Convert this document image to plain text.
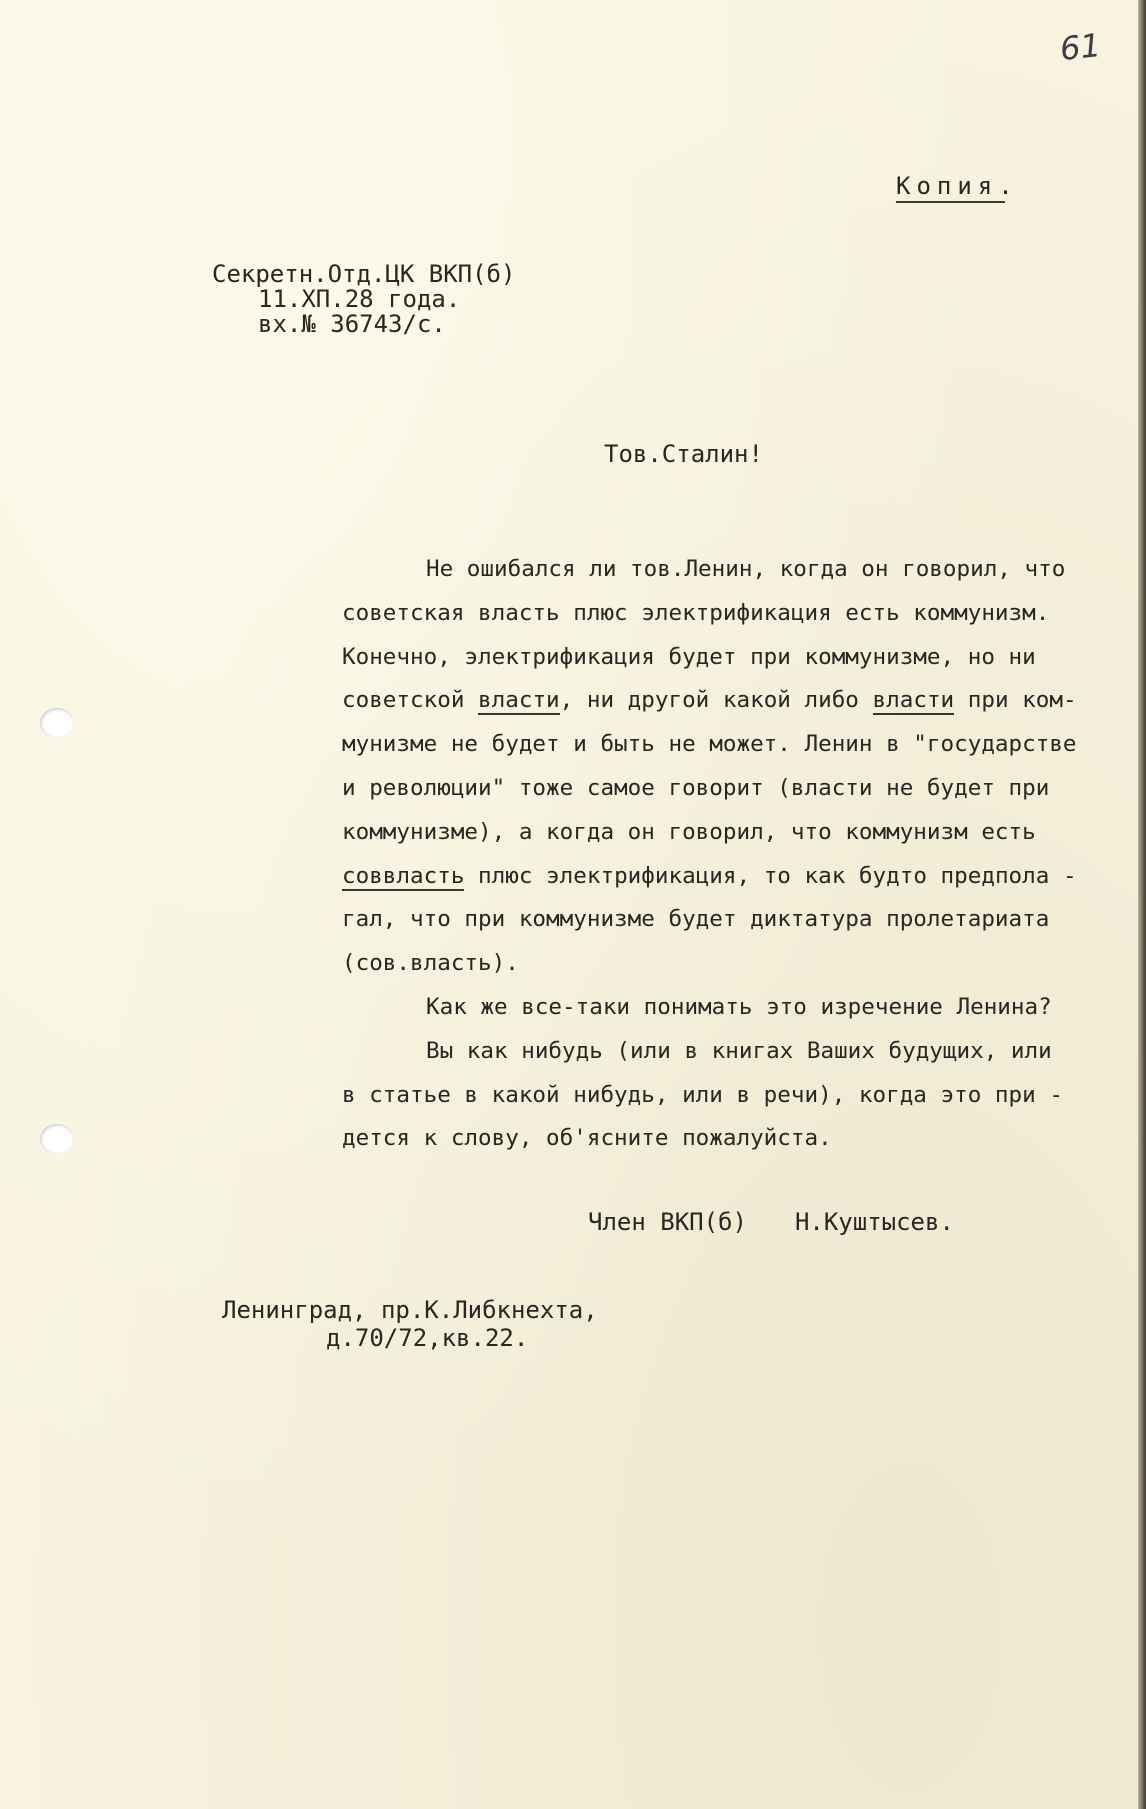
61
Копия.
Секретн.Отд.ЦК ВКП(б)
11.XП.28 года.
вх.№ 36743/с.
Тов.Сталин!
Не ошибался ли тов.Ленин, когда он говорил, что
советская власть плюс электрификация есть коммунизм.
Конечно, электрификация будет при коммунизме, но ни
советской власти, ни другой какой либо власти при ком-
мунизме не будет и быть не может. Ленин в "государстве
и революции" тоже самое говорит (власти не будет при
коммунизме), а когда он говорил, что коммунизм есть
соввласть плюс электрификация, то как будто предпола -
гал, что при коммунизме будет диктатура пролетариата
(сов.власть).
Как же все-таки понимать это изречение Ленина?
Вы как нибудь (или в книгах Ваших будущих, или
в статье в какой нибудь, или в речи), когда это при -
дется к слову, об'ясните пожалуйста.
Член ВКП(б) Н.Куштысев.
Ленинград, пр.К.Либкнехта,
д.70/72,кв.22.
